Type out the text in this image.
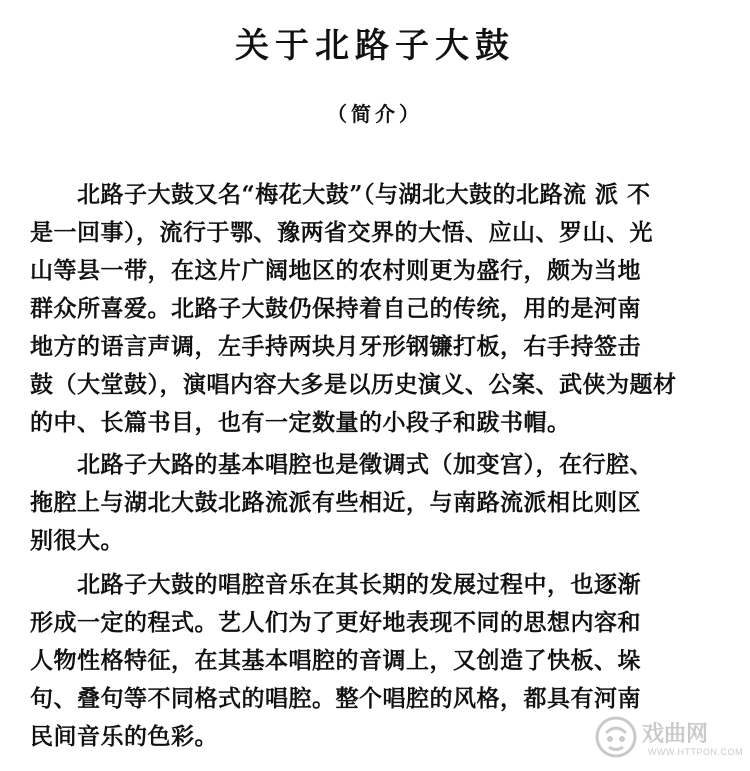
关于北路子大鼓
（简介）
　　北路子大鼓又名“梅花大鼓”（与湖北大鼓的北路流 派 不
是一回事），流行于鄂、豫两省交界的大悟、应山、罗山、光
山等县一带，在这片广阔地区的农村则更为盛行，颇为当地
群众所喜爱。北路子大鼓仍保持着自己的传统，用的是河南
地方的语言声调，左手持两块月牙形钢镰打板，右手持签击
鼓（大堂鼓），演唱内容大多是以历史演义、公案、武侠为题材
的中、长篇书目，也有一定数量的小段子和跋书帽。
　　北路子大路的基本唱腔也是徵调式（加变宫），在行腔、
拖腔上与湖北大鼓北路流派有些相近，与南路流派相比则区
别很大。
　　北路子大鼓的唱腔音乐在其长期的发展过程中，也逐渐
形成一定的程式。艺人们为了更好地表现不同的思想内容和
人物性格特征，在其基本唱腔的音调上，又创造了快板、垛
句、叠句等不同格式的唱腔。整个唱腔的风格，都具有河南
民间音乐的色彩。	戏曲网
WWW.HTTPON.COM
